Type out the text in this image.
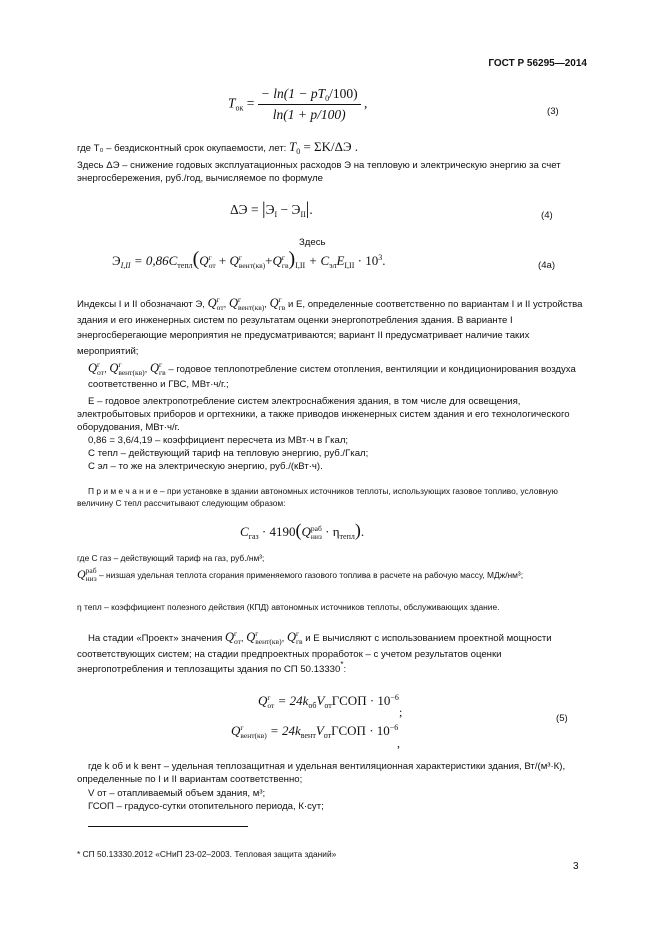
ГОСТ Р 56295—2014
$T_{ок} = \frac{- \ln(1 - pT_0/100)}{\ln(1 + p/100)}$ ,
(3)
где T₀ – бездисконтный срок окупаемости, лет: $T_0 = \Sigma K/\Delta Э$ .
Здесь ΔЭ – снижение годовых эксплуатационных расходов Э на тепловую и электрическую энергию за счет энергосбережения, руб./год, вычисляемое по формуле
$\Delta Э = |Э_I - Э_{II}|$.	(4)
Здесь
$Э_{I,II} = 0,86C_{тепл}(Q$ г
от + Q г
вент(кв) +Q г
гв )$_{I,II} + C_{эл}E_{I,II} \cdot 10^3$.	(4а)
Индексы I и II обозначают Э, Q г
от , Q г
вент(кв) , Q г
гв и E, определенные соответственно по вариантам I и II устройства здания и его инженерных систем по результатам оценки энергопотребления здания. В варианте I энергосберегающие мероприятия не предусматриваются; вариант II предусматривает наличие таких мероприятий;
Q г
от , Q г
вент(кв) , Q г
гв – годовое теплопотребление систем отопления, вентиляции и кондиционирования воздуха соответственно и ГВС, МВт·ч/г.;
E – годовое электропотребление систем электроснабжения здания, в том числе для освещения, электробытовых приборов и оргтехники, а также приводов инженерных систем здания и его технологического оборудования, МВт·ч/г.
0,86 = 3,6/4,19 – коэффициент пересчета из МВт·ч в Гкал;
C тепл – действующий тариф на тепловую энергию, руб./Гкал;
C эл – то же на электрическую энергию, руб./(кВт·ч).
П р и м е ч а н и е – при установке в здании автономных источников теплоты, использующих газовое топливо, условную величину C тепл рассчитывают следующим образом:
$C_{газ} \cdot 4190(Q$ раб
низ · $\eta_{тепл}$).
где C газ – действующий тариф на газ, руб./нм³;
Q раб
низ – низшая удельная теплота сгорания применяемого газового топлива в расчете на рабочую массу, МДж/нм³;
η тепл – коэффициент полезного действия (КПД) автономных источников теплоты, обслуживающих здание.
На стадии «Проект» значения Q г
от , Q г
вент(кв) , Q г
гв и E вычисляют с использованием проектной мощности соответствующих систем; на стадии предпроектных проработок – с учетом результатов оценки энергопотребления и теплозащиты здания по СП 50.13330*:
Q г
от = $24k_{об}V_{от}ГСОП \cdot 10^{-6}$
;
Q г
вент(кв) = $24k_{вент}V_{от}ГСОП \cdot 10^{-6}$
,
(5)
где k об и k вент – удельная теплозащитная и удельная вентиляционная характеристики здания, Вт/(м³·К), определенные по I и II вариантам соответственно;
V от – отапливаемый объем здания, м³;
ГСОП – градусо-сутки отопительного периода, К·сут;
* СП 50.13330.2012 «СНиП 23-02–2003. Тепловая защита зданий»
3
